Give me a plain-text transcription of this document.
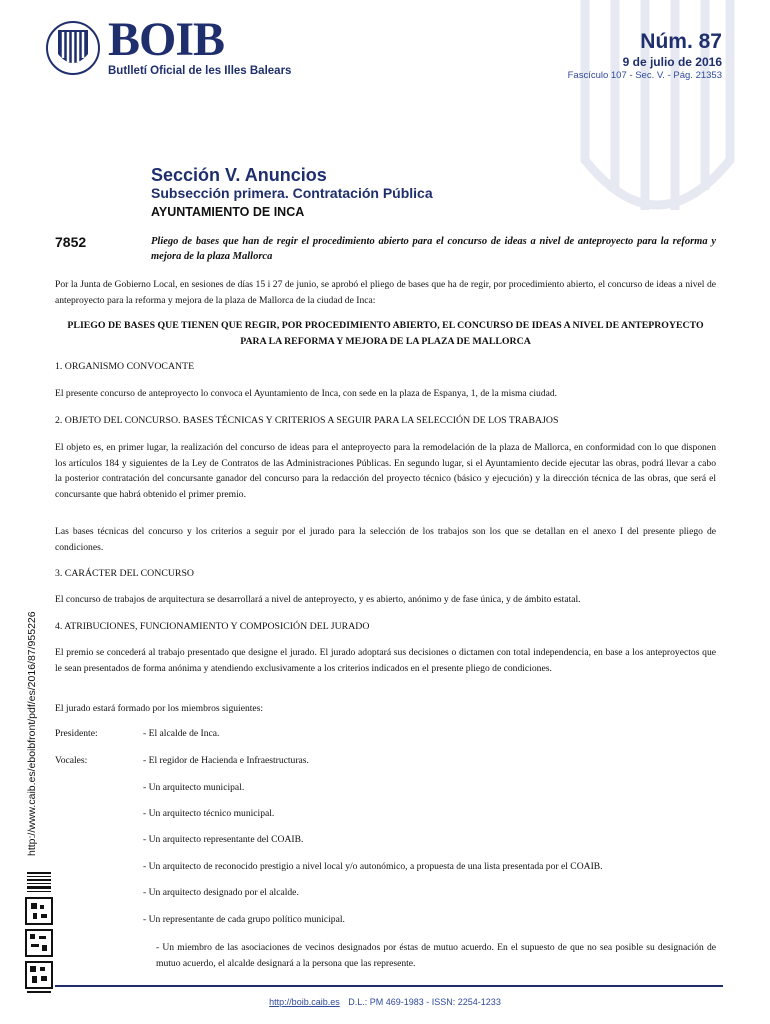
BOIB
Butlletí Oficial de les Illes Balears
Núm. 87
9 de julio de 2016
Fascículo 107 - Sec. V. - Pág. 21353
Sección V. Anuncios
Subsección primera. Contratación Pública
AYUNTAMIENTO DE INCA
7852	Pliego de bases que han de regir el procedimiento abierto para el concurso de ideas a nivel de anteproyecto para la reforma y mejora de la plaza Mallorca
Por la Junta de Gobierno Local, en sesiones de días 15 i 27 de junio, se aprobó el pliego de bases que ha de regir, por procedimiento abierto, el concurso de ideas a nivel de anteproyecto para la reforma y mejora de la plaza de Mallorca de la ciudad de Inca:
PLIEGO DE BASES QUE TIENEN QUE REGIR, POR PROCEDIMIENTO ABIERTO, EL CONCURSO DE IDEAS A NIVEL DE ANTEPROYECTO PARA LA REFORMA Y MEJORA DE LA PLAZA DE MALLORCA
1. ORGANISMO CONVOCANTE
El presente concurso de anteproyecto lo convoca el Ayuntamiento de Inca, con sede en la plaza de Espanya, 1, de la misma ciudad.
2. OBJETO DEL CONCURSO. BASES TÉCNICAS Y CRITERIOS A SEGUIR PARA LA SELECCIÓN DE LOS TRABAJOS
El objeto es, en primer lugar, la realización del concurso de ideas para el anteproyecto para la remodelación de la plaza de Mallorca, en conformidad con lo que disponen los artículos 184 y siguientes de la Ley de Contratos de las Administraciones Públicas. En segundo lugar, si el Ayuntamiento decide ejecutar las obras, podrá llevar a cabo la posterior contratación del concursante ganador del concurso para la redacción del proyecto técnico (básico y ejecución) y la dirección técnica de las obras, que será el concursante que habrá obtenido el primer premio.
Las bases técnicas del concurso y los criterios a seguir por el jurado para la selección de los trabajos son los que se detallan en el anexo I del presente pliego de condiciones.
3. CARÁCTER DEL CONCURSO
El concurso de trabajos de arquitectura se desarrollará a nivel de anteproyecto, y es abierto, anónimo y de fase única, y de ámbito estatal.
4. ATRIBUCIONES, FUNCIONAMIENTO Y COMPOSICIÓN DEL JURADO
El premio se concederá al trabajo presentado que designe el jurado. El jurado adoptará sus decisiones o dictamen con total independencia, en base a los anteproyectos que le sean presentados de forma anónima y atendiendo exclusivamente a los criterios indicados en el presente pliego de condiciones.
El jurado estará formado por los miembros siguientes:
Presidente:	- El alcalde de Inca.
Vocales:	- El regidor de Hacienda e Infraestructuras.
- Un arquitecto municipal.
- Un arquitecto técnico municipal.
- Un arquitecto representante del COAIB.
- Un arquitecto de reconocido prestigio a nivel local y/o autonómico, a propuesta de una lista presentada por el COAIB.
- Un arquitecto designado por el alcalde.
- Un representante de cada grupo político municipal.
- Un miembro de las asociaciones de vecinos designados por éstas de mutuo acuerdo. En el supuesto de que no sea posible su designación de mutuo acuerdo, el alcalde designará a la persona que las represente.
http://www.caib.es/eboibfront/pdf/es/2016/87/955226
http://boib.caib.es D.L.: PM 469-1983 - ISSN: 2254-1233
